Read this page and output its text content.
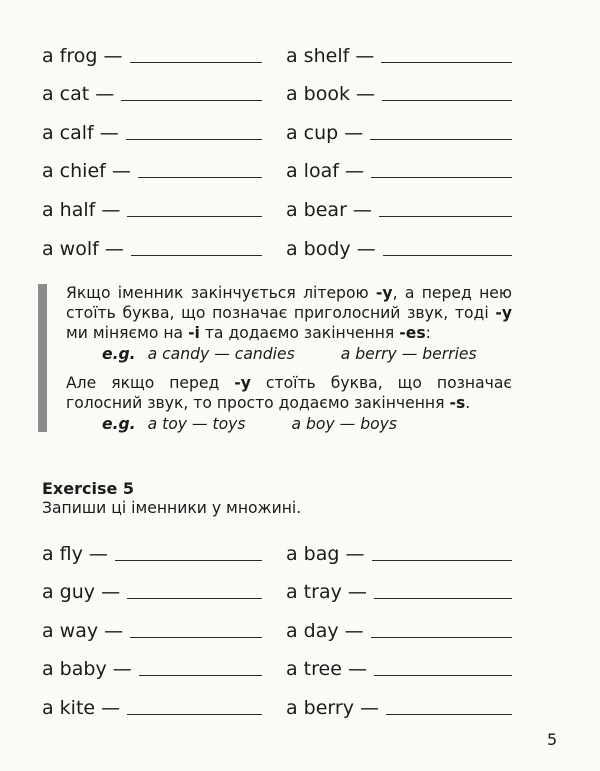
a frog —	a shelf —
a cat —	a book —
a calf —	a cup —
a chief —	a loaf —
a half —	a bear —
a wolf —	a body —

Якщо іменник закінчується літерою -y, а перед нею стоїть буква, що позначає приголосний звук, тоді -y ми міняємо на -i та додаємо закінчення -es:

e.g. a candy — candies	a berry — berries

Але якщо перед -y стоїть буква, що позначає голосний звук, то просто додаємо закінчення -s.

e.g. a toy — toys	a boy — boys
Exercise 5
Запиши ці іменники у множині.
a fly —	a bag —
a guy —	a tray —
a way —	a day —
a baby —	a tree —
a kite —	a berry —
5
